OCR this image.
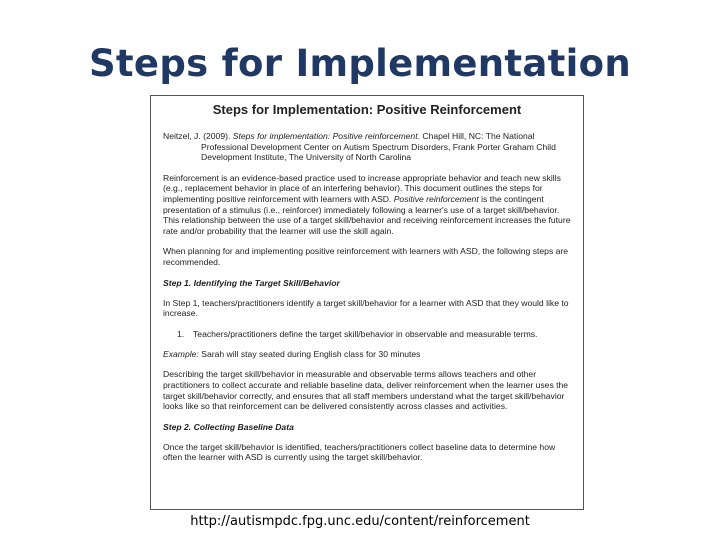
Steps for Implementation
Steps for Implementation: Positive Reinforcement
Neitzel, J. (2009). Steps for implementation: Positive reinforcement. Chapel Hill, NC: The National Professional Development Center on Autism Spectrum Disorders, Frank Porter Graham Child Development Institute, The University of North Carolina
Reinforcement is an evidence-based practice used to increase appropriate behavior and teach new skills (e.g., replacement behavior in place of an interfering behavior). This document outlines the steps for implementing positive reinforcement with learners with ASD. Positive reinforcement is the contingent presentation of a stimulus (i.e., reinforcer) immediately following a learner's use of a target skill/behavior. This relationship between the use of a target skill/behavior and receiving reinforcement increases the future rate and/or probability that the learner will use the skill again.
When planning for and implementing positive reinforcement with learners with ASD, the following steps are recommended.
Step 1. Identifying the Target Skill/Behavior
In Step 1, teachers/practitioners identify a target skill/behavior for a learner with ASD that they would like to increase.
1.	Teachers/practitioners define the target skill/behavior in observable and measurable terms.
Example: Sarah will stay seated during English class for 30 minutes
Describing the target skill/behavior in measurable and observable terms allows teachers and other practitioners to collect accurate and reliable baseline data, deliver reinforcement when the learner uses the target skill/behavior correctly, and ensures that all staff members understand what the target skill/behavior looks like so that reinforcement can be delivered consistently across classes and activities.
Step 2. Collecting Baseline Data
Once the target skill/behavior is identified, teachers/practitioners collect baseline data to determine how often the learner with ASD is currently using the target skill/behavior.
http://autismpdc.fpg.unc.edu/content/reinforcement
